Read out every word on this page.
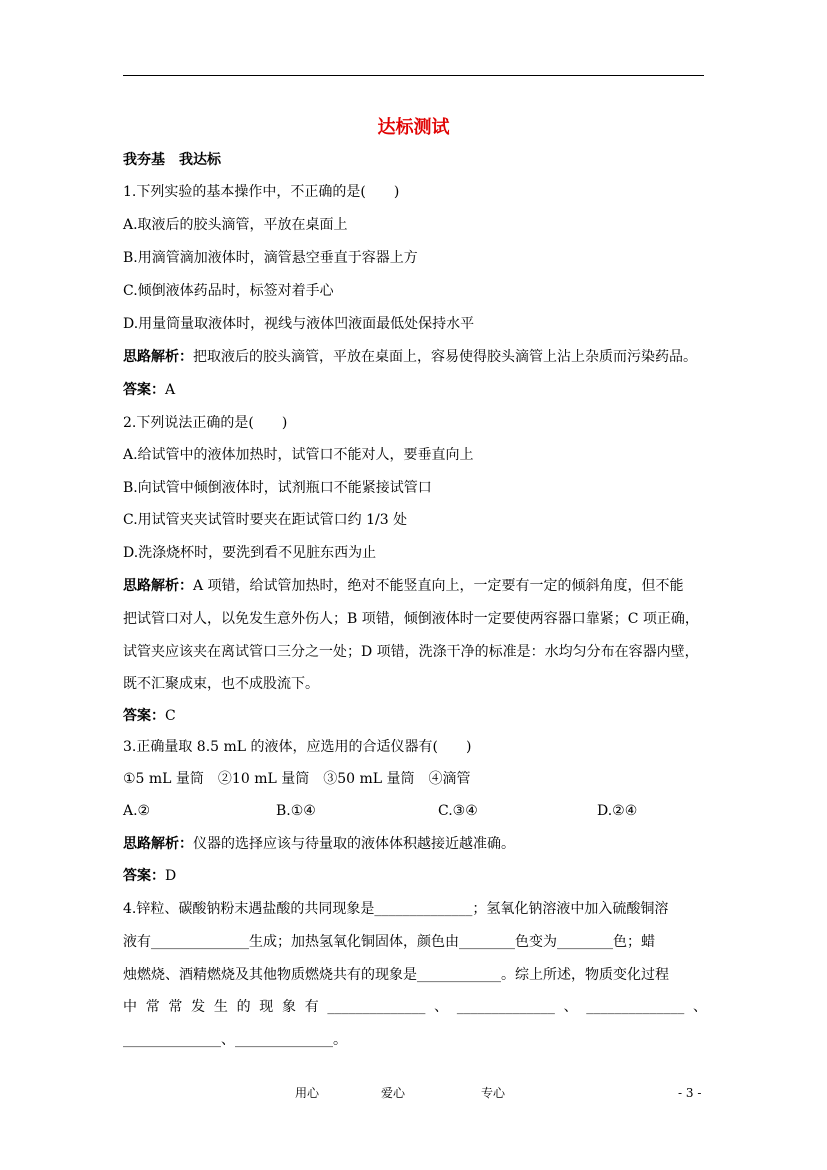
达标测试
我夯基　我达标
1.下列实验的基本操作中，不正确的是(　　)
A.取液后的胶头滴管，平放在桌面上
B.用滴管滴加液体时，滴管悬空垂直于容器上方
C.倾倒液体药品时，标签对着手心
D.用量筒量取液体时，视线与液体凹液面最低处保持水平
思路解析：把取液后的胶头滴管，平放在桌面上，容易使得胶头滴管上沾上杂质而污染药品。
答案：A
2.下列说法正确的是(　　)
A.给试管中的液体加热时，试管口不能对人，要垂直向上
B.向试管中倾倒液体时，试剂瓶口不能紧接试管口
C.用试管夹夹试管时要夹在距试管口约 1/3 处
D.洗涤烧杯时，要洗到看不见脏东西为止
思路解析：A 项错，给试管加热时，绝对不能竖直向上，一定要有一定的倾斜角度，但不能
把试管口对人，以免发生意外伤人；B 项错，倾倒液体时一定要使两容器口靠紧；C 项正确，
试管夹应该夹在离试管口三分之一处；D 项错，洗涤干净的标准是：水均匀分布在容器内壁，
既不汇聚成束，也不成股流下。
答案：C
3.正确量取 8.5 mL 的液体，应选用的合适仪器有(　　)
①5 mL 量筒　②10 mL 量筒　③50 mL 量筒　④滴管
A.②	B.①④	C.③④	D.②④
思路解析：仪器的选择应该与待量取的液体体积越接近越准确。
答案：D
4.锌粒、碳酸钠粉末遇盐酸的共同现象是______________；氢氧化钠溶液中加入硫酸铜溶
液有______________生成；加热氢氧化铜固体，颜色由________色变为________色；蜡
烛燃烧、酒精燃烧及其他物质燃烧共有的现象是____________。综上所述，物质变化过程
中常常发生的现象有______________、______________、______________、
______________、______________。
用心	爱心	专心	- 3 -
